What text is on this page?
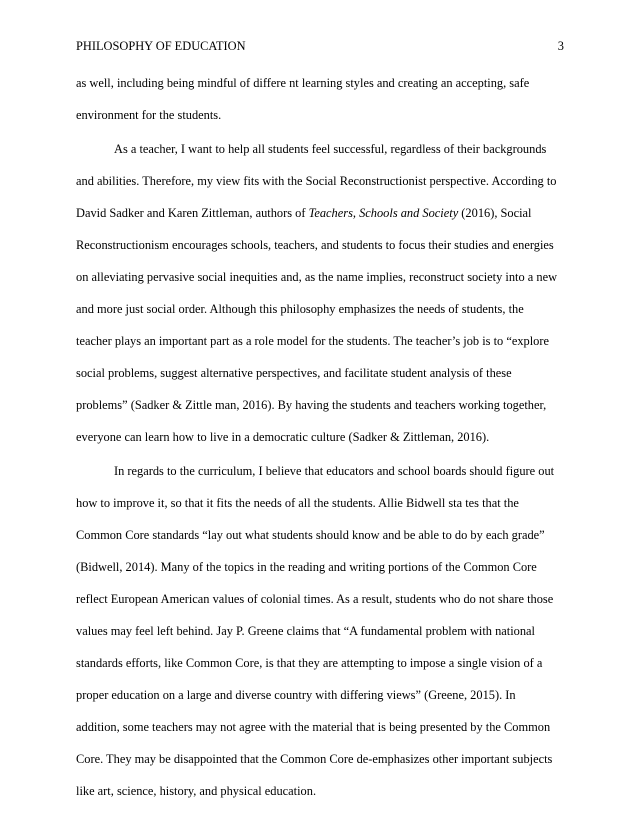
PHILOSOPHY OF EDUCATION	3
as well, including being mindful of differe nt learning styles and creating an accepting, safe
environment for the students.
As a teacher, I want to help all students feel successful, regardless of their backgrounds
and abilities. Therefore, my view fits with the Social Reconstructionist perspective. According to
David Sadker and Karen Zittleman, authors of Teachers, Schools and Society (2016), Social
Reconstructionism encourages schools, teachers, and students to focus their studies and energies
on alleviating pervasive social inequities and, as the name implies, reconstruct society into a new
and more just social order. Although this philosophy emphasizes the needs of students, the
teacher plays an important part as a role model for the students. The teacher’s job is to “explore
social problems, suggest alternative perspectives, and facilitate student analysis of these
problems” (Sadker & Zittle man, 2016). By having the students and teachers working together,
everyone can learn how to live in a democratic culture (Sadker & Zittleman, 2016).
In regards to the curriculum, I believe that educators and school boards should figure out
how to improve it, so that it fits the needs of all the students. Allie Bidwell sta tes that the
Common Core standards “lay out what students should know and be able to do by each grade”
(Bidwell, 2014). Many of the topics in the reading and writing portions of the Common Core
reflect European American values of colonial times. As a result, students who do not share those
values may feel left behind. Jay P. Greene claims that “A fundamental problem with national
standards efforts, like Common Core, is that they are attempting to impose a single vision of a
proper education on a large and diverse country with differing views” (Greene, 2015). In
addition, some teachers may not agree with the material that is being presented by the Common
Core. They may be disappointed that the Common Core de-emphasizes other important subjects
like art, science, history, and physical education.
